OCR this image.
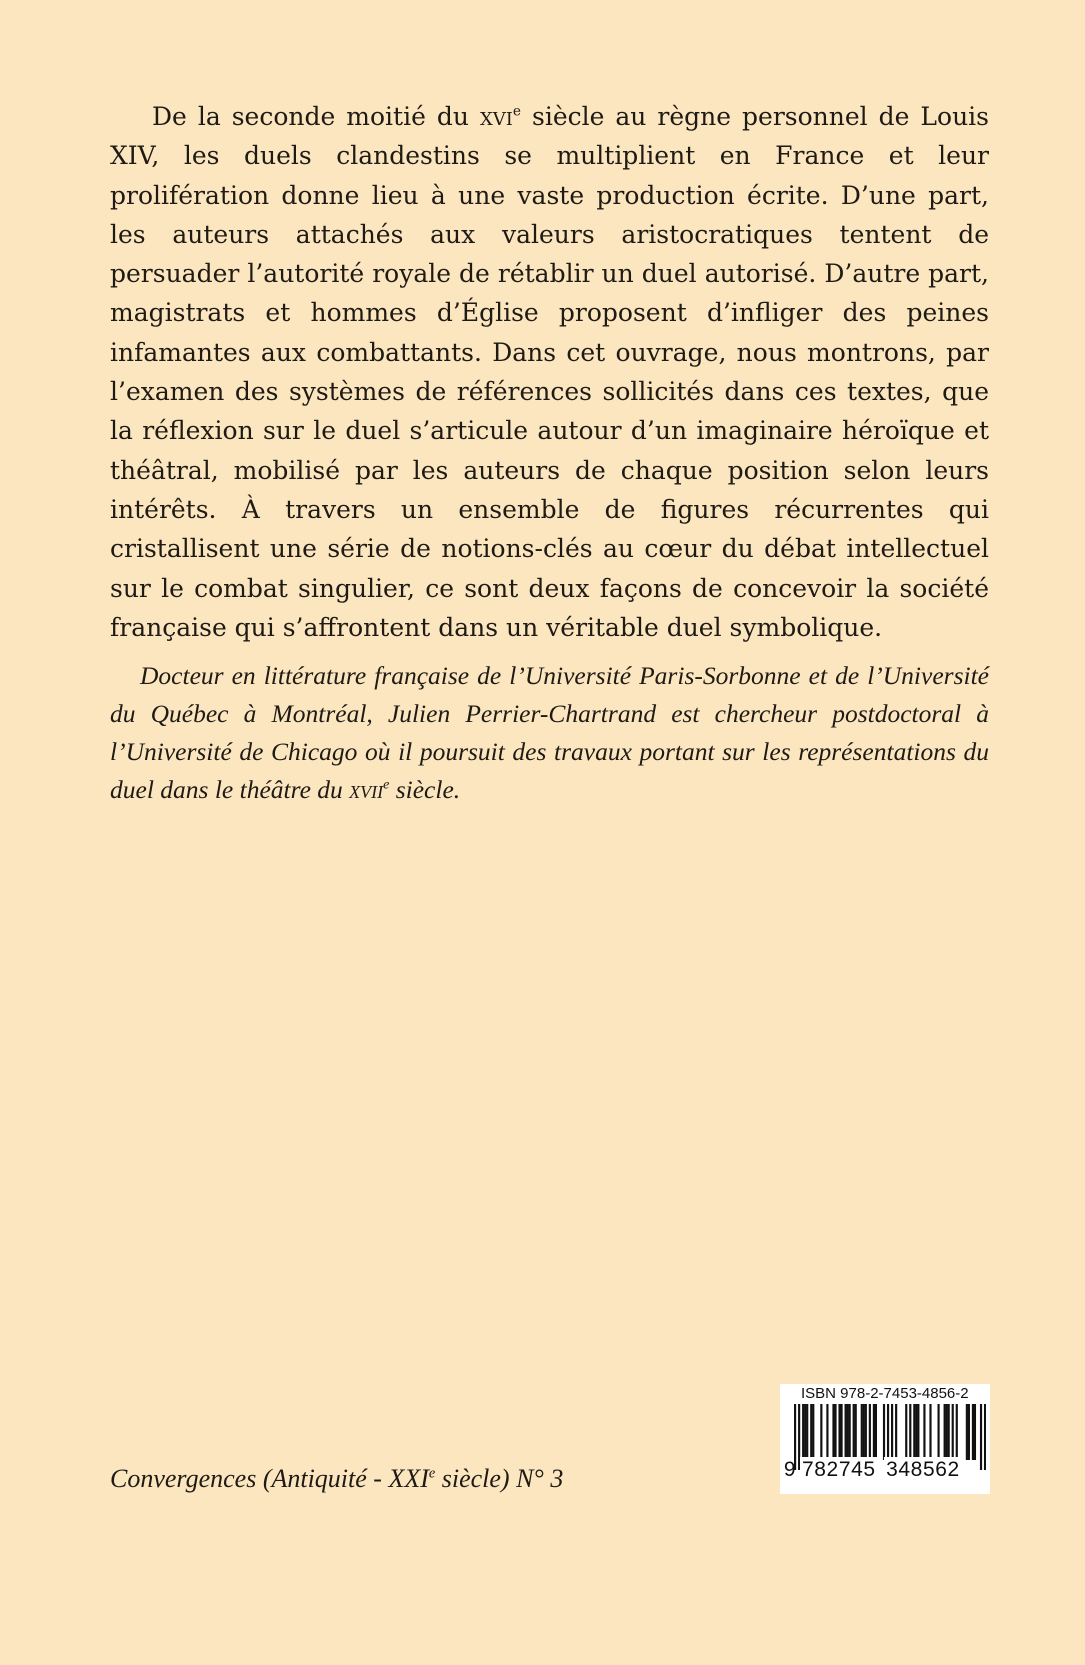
De la seconde moitié du xvi$^e$ siècle au règne personnel de Louis XIV, les duels clandestins se multiplient en France et leur prolifération donne lieu à une vaste production écrite. D’une part, les auteurs attachés aux valeurs aristocratiques tentent de persuader l’autorité royale de rétablir un duel autorisé. D’autre part, magistrats et hommes d’Église proposent d’infliger des peines infamantes aux combattants. Dans cet ouvrage, nous montrons, par l’examen des systèmes de références sollicités dans ces textes, que la réflexion sur le duel s’articule autour d’un imaginaire héroïque et théâtral, mobilisé par les auteurs de chaque position selon leurs intérêts. À travers un ensemble de figures récurrentes qui cristallisent une série de notions-clés au cœur du débat intellectuel sur le combat singulier, ce sont deux façons de concevoir la société française qui s’affrontent dans un véritable duel symbolique.

Docteur en littérature française de l’Université Paris-Sorbonne et de l’Université du Québec à Montréal, Julien Perrier-Chartrand est chercheur postdoctoral à l’Université de Chicago où il poursuit des travaux portant sur les représentations du duel dans le théâtre du xvii$^e$ siècle.

Convergences (Antiquité - XXIe siècle) N° 3
ISBN 978-2-7453-4856-2
9 782745 348562
